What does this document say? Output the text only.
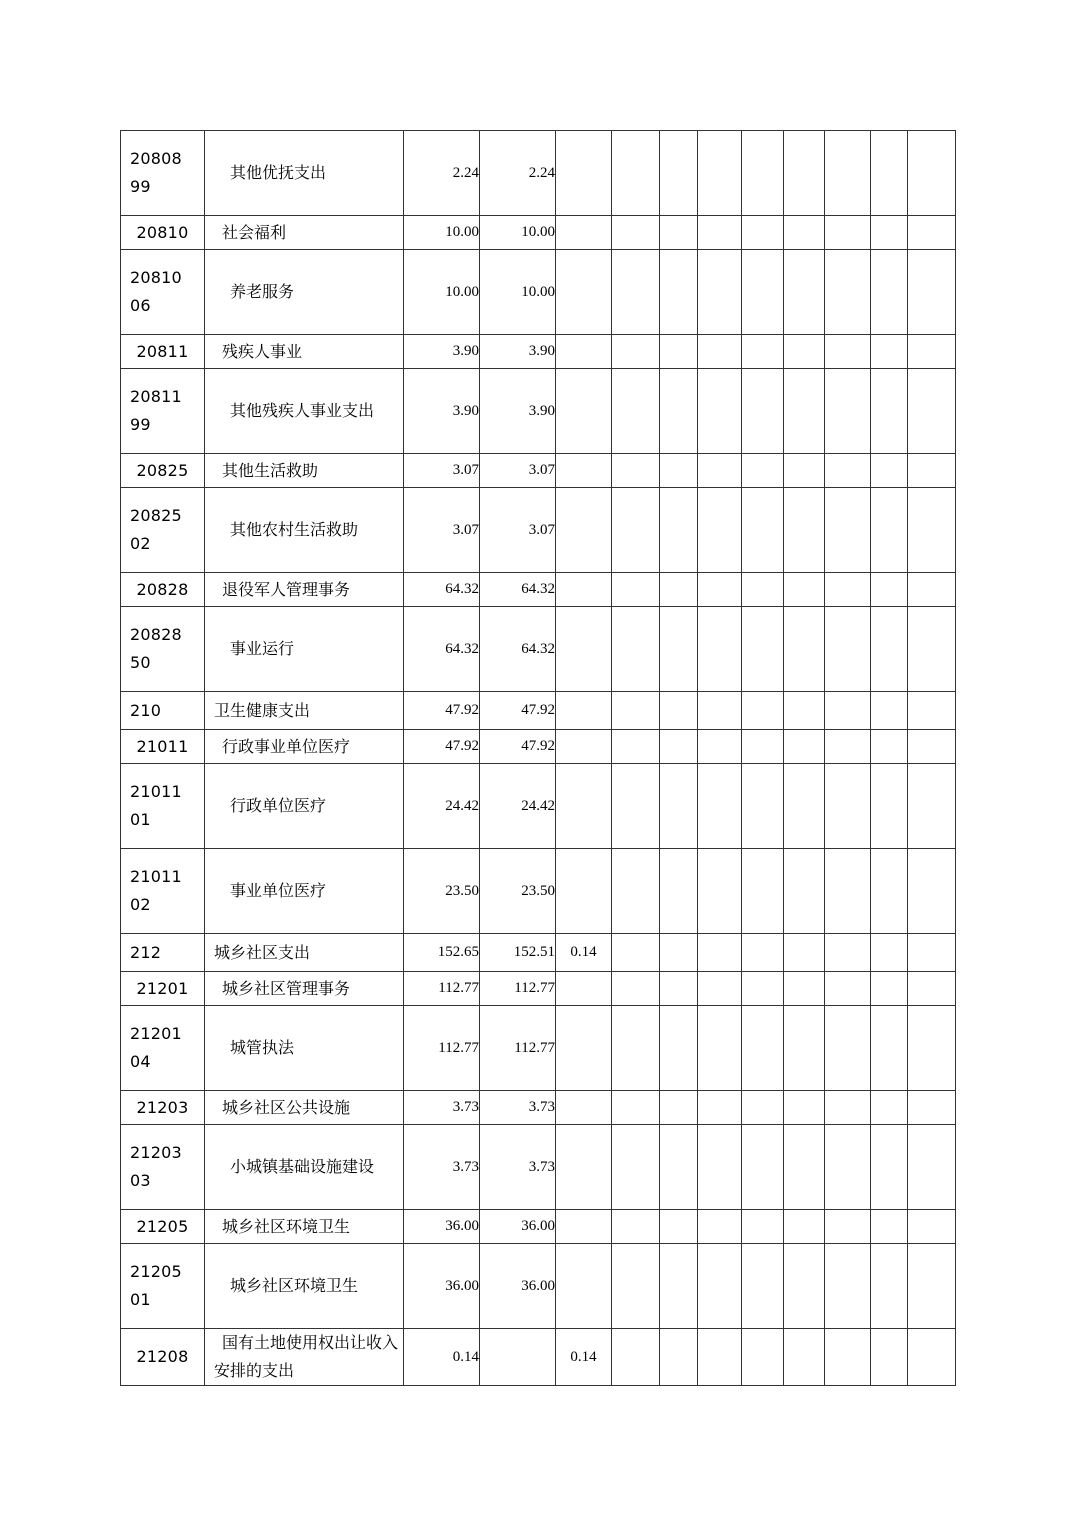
2080899	其他优抚支出	2.24	2.24									
20810	社会福利	10.00	10.00									

2081006	养老服务	10.00	10.00									
20811	残疾人事业	3.90	3.90									

2081199	其他残疾人事业支出	3.90	3.90									
20825	其他生活救助	3.07	3.07									

2082502	其他农村生活救助	3.07	3.07									
20828	退役军人管理事务	64.32	64.32									

2082850	事业运行	64.32	64.32									
210	卫生健康支出	47.92	47.92									
21011	行政事业单位医疗	47.92	47.92									

2101101	行政单位医疗	24.42	24.42									

2101102	事业单位医疗	23.50	23.50									
212	城乡社区支出	152.65	152.51	0.14								
21201	城乡社区管理事务	112.77	112.77									

2120104	城管执法	112.77	112.77									
21203	城乡社区公共设施	3.73	3.73									

2120303	小城镇基础设施建设	3.73	3.73									
21205	城乡社区环境卫生	36.00	36.00									

2120501	城乡社区环境卫生	36.00	36.00									
21208	国有土地使用权出让收入安排的支出	0.14		0.14								
